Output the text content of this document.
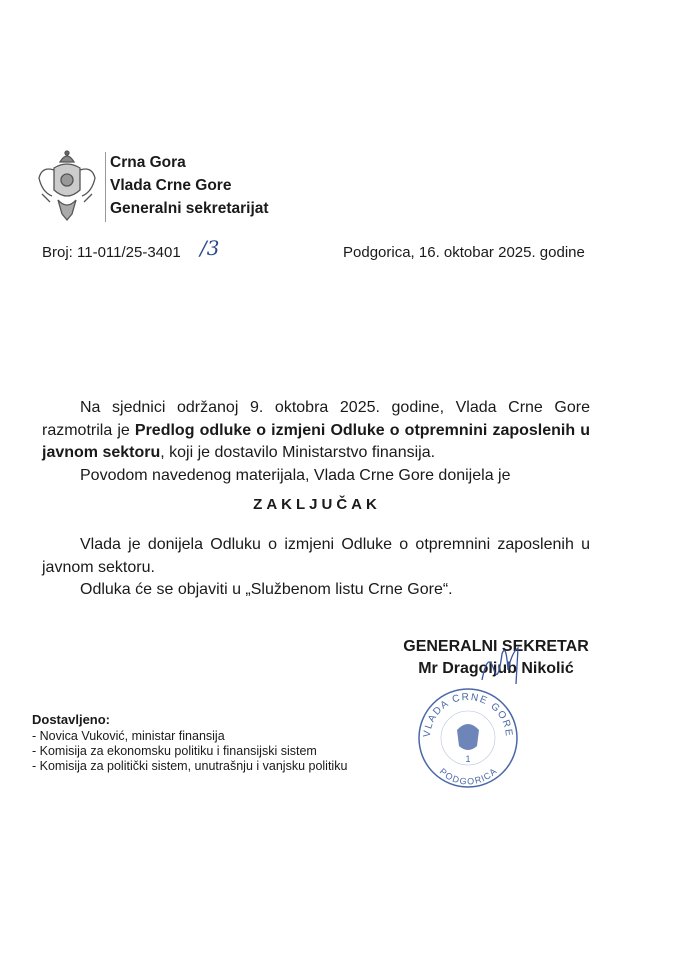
Crna Gora
Vlada Crne Gore
Generalni sekretarijat
Broj: 11-011/25-3401 /3	Podgorica, 16. oktobar 2025. godine
Na sjednici održanoj 9. oktobra 2025. godine, Vlada Crne Gore razmotrila je Predlog odluke o izmjeni Odluke o otpremnini zaposlenih u javnom sektoru, koji je dostavilo Ministarstvo finansija.
Povodom navedenog materijala, Vlada Crne Gore donijela je
ZAKLJUČAK
Vlada je donijela Odluku o izmjeni Odluke o otpremnini zaposlenih u javnom sektoru.
Odluka će se objaviti u „Službenom listu Crne Gore“.
VLADA CRNE GORE
1
PODGORICA
GENERALNI SEKRETAR
Mr Dragoljub Nikolić
Dostavljeno:
- Novica Vuković, ministar finansija
- Komisija za ekonomsku politiku i finansijski sistem
- Komisija za politički sistem, unutrašnju i vanjsku politiku
